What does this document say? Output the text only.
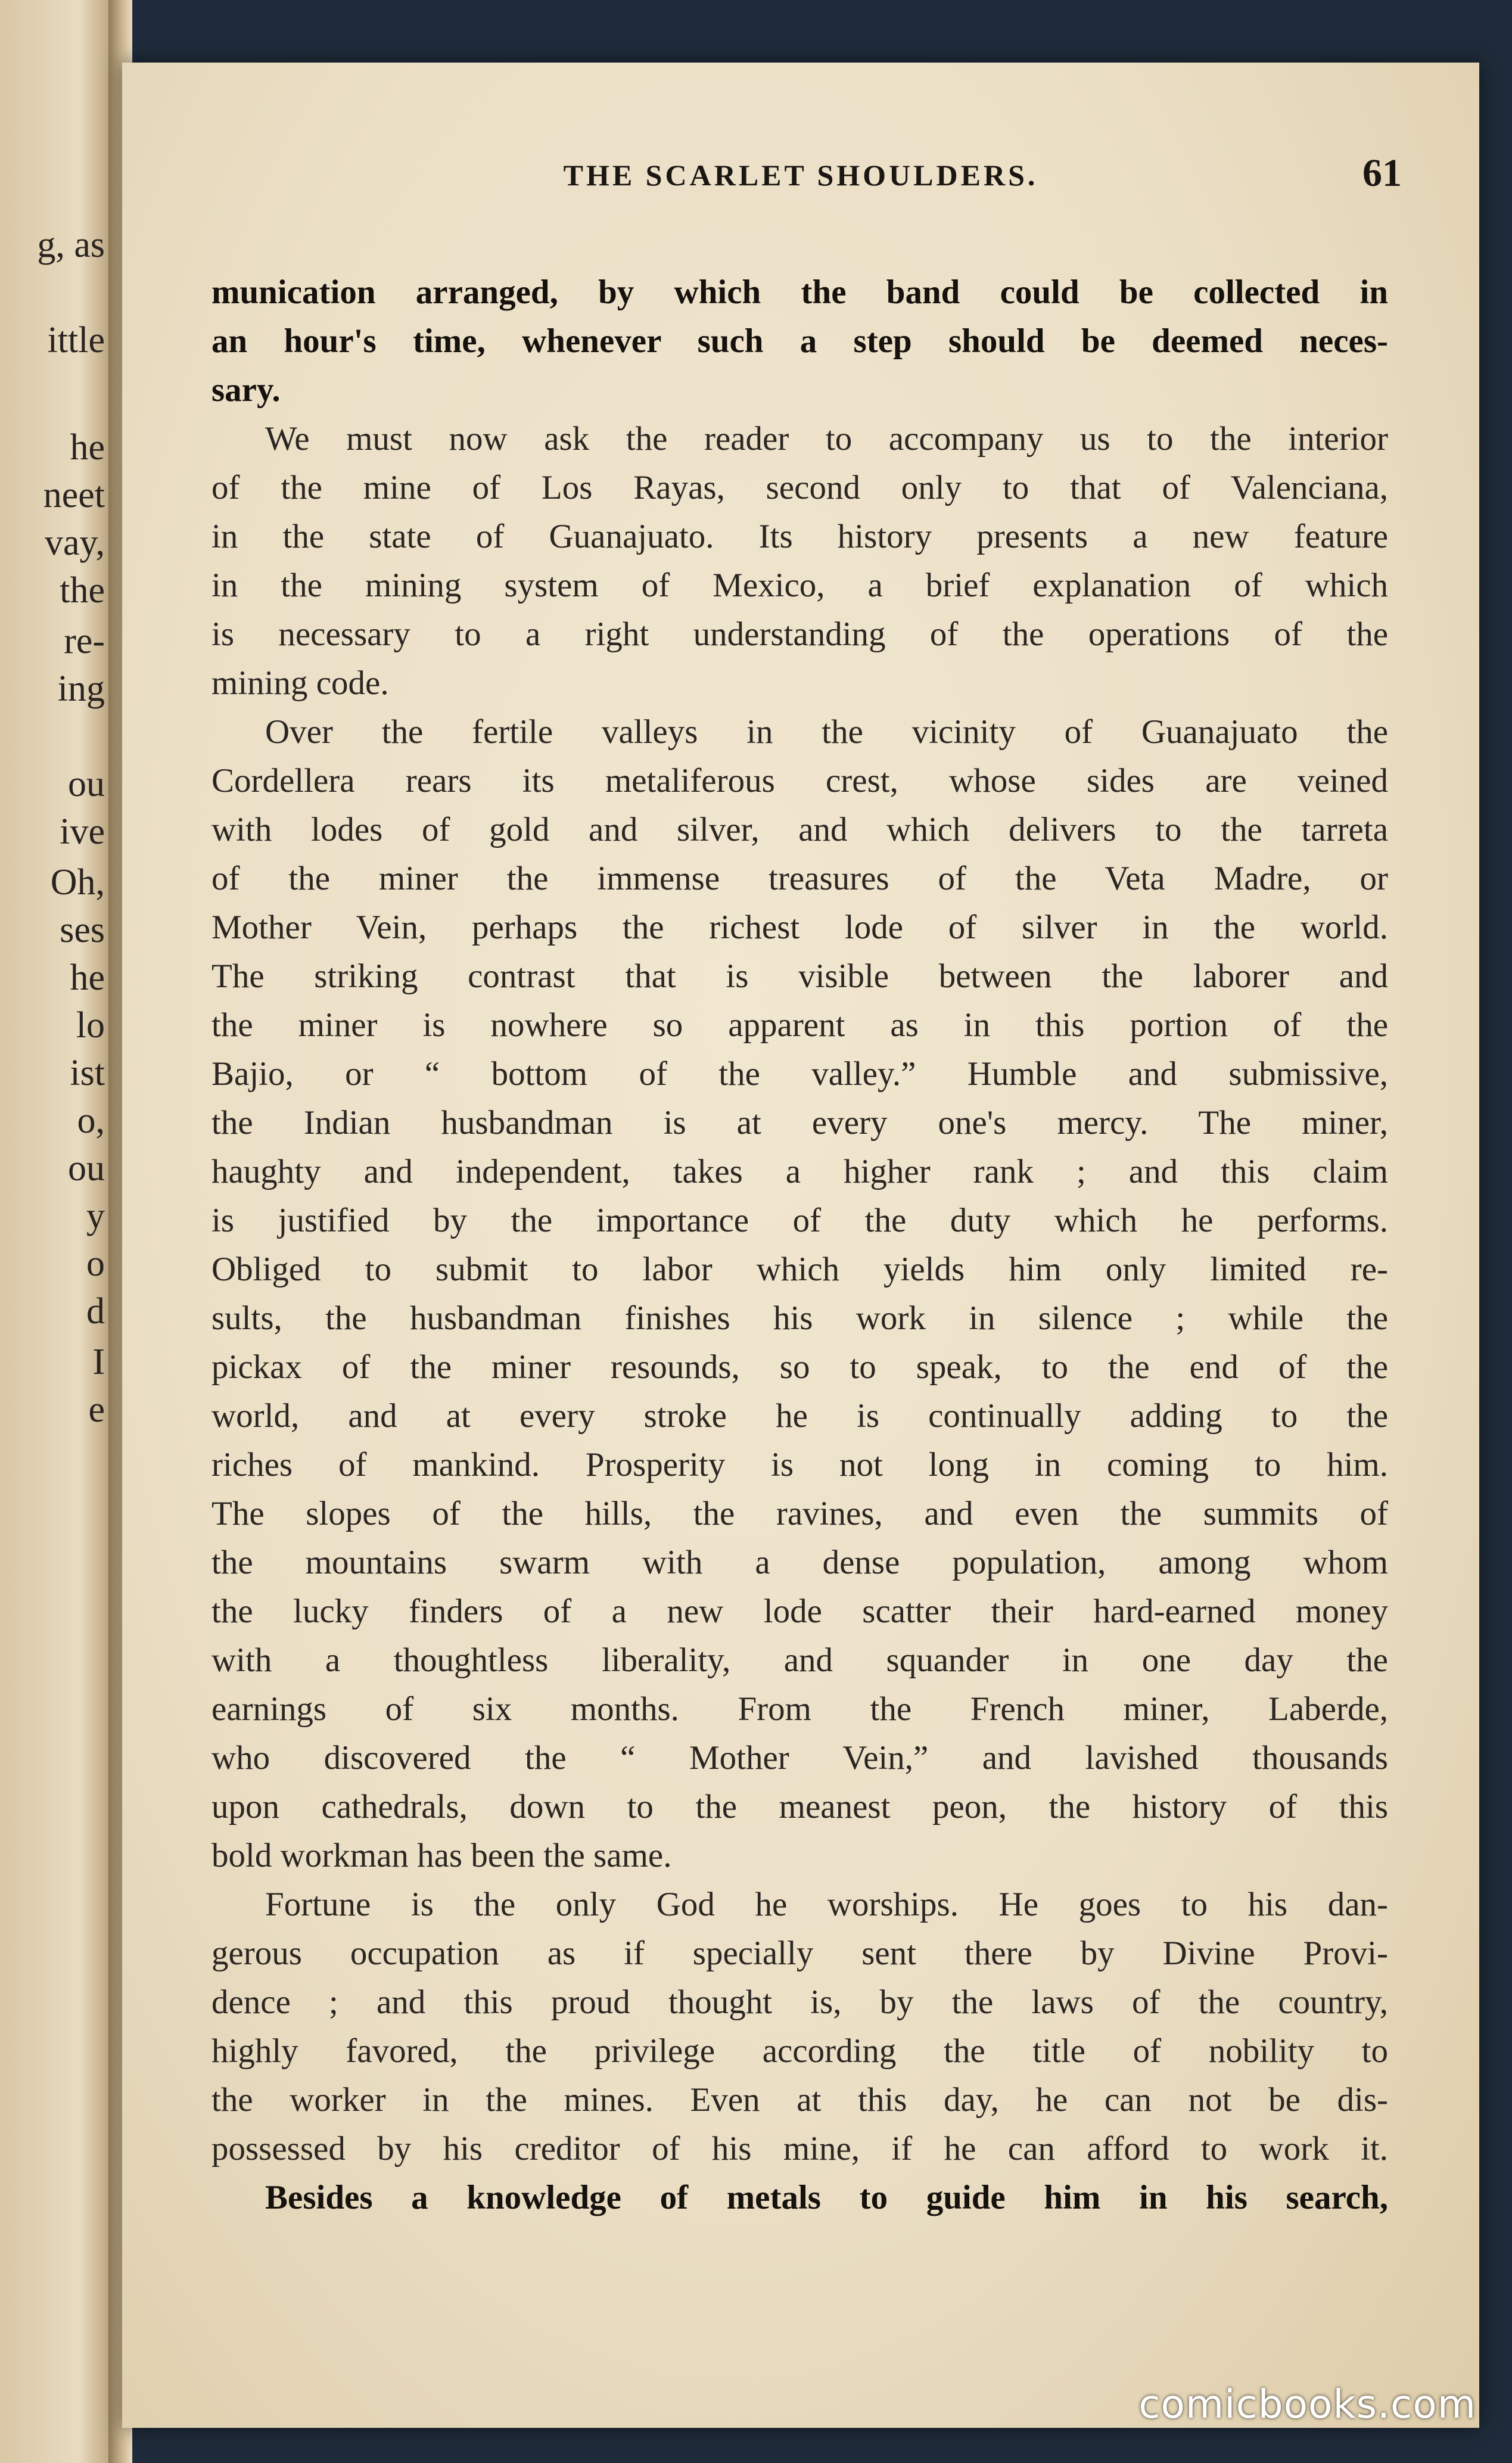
g, as
ittle
he
neet
vay,
the
re-
ing
ou
ive
Oh,
ses
he
lo
ist
o,
ou
y
o
d
I
e
THE SCARLET SHOULDERS.	61
munication arranged, by which the band could be collected in
an hour's time, whenever such a step should be deemed neces-
sary.
We must now ask the reader to accompany us to the interior
of the mine of Los Rayas, second only to that of Valenciana,
in the state of Guanajuato. Its history presents a new feature
in the mining system of Mexico, a brief explanation of which
is necessary to a right understanding of the operations of the
mining code.
Over the fertile valleys in the vicinity of Guanajuato the
Cordellera rears its metaliferous crest, whose sides are veined
with lodes of gold and silver, and which delivers to the tarreta
of the miner the immense treasures of the Veta Madre, or
Mother Vein, perhaps the richest lode of silver in the world.
The striking contrast that is visible between the laborer and
the miner is nowhere so apparent as in this portion of the
Bajio, or “ bottom of the valley.” Humble and submissive,
the Indian husbandman is at every one's mercy. The miner,
haughty and independent, takes a higher rank ; and this claim
is justified by the importance of the duty which he performs.
Obliged to submit to labor which yields him only limited re-
sults, the husbandman finishes his work in silence ; while the
pickax of the miner resounds, so to speak, to the end of the
world, and at every stroke he is continually adding to the
riches of mankind. Prosperity is not long in coming to him.
The slopes of the hills, the ravines, and even the summits of
the mountains swarm with a dense population, among whom
the lucky finders of a new lode scatter their hard-earned money
with a thoughtless liberality, and squander in one day the
earnings of six months. From the French miner, Laberde,
who discovered the “ Mother Vein,” and lavished thousands
upon cathedrals, down to the meanest peon, the history of this
bold workman has been the same.
Fortune is the only God he worships. He goes to his dan-
gerous occupation as if specially sent there by Divine Provi-
dence ; and this proud thought is, by the laws of the country,
highly favored, the privilege according the title of nobility to
the worker in the mines. Even at this day, he can not be dis-
possessed by his creditor of his mine, if he can afford to work it.
Besides a knowledge of metals to guide him in his search,
comicbooks.com
